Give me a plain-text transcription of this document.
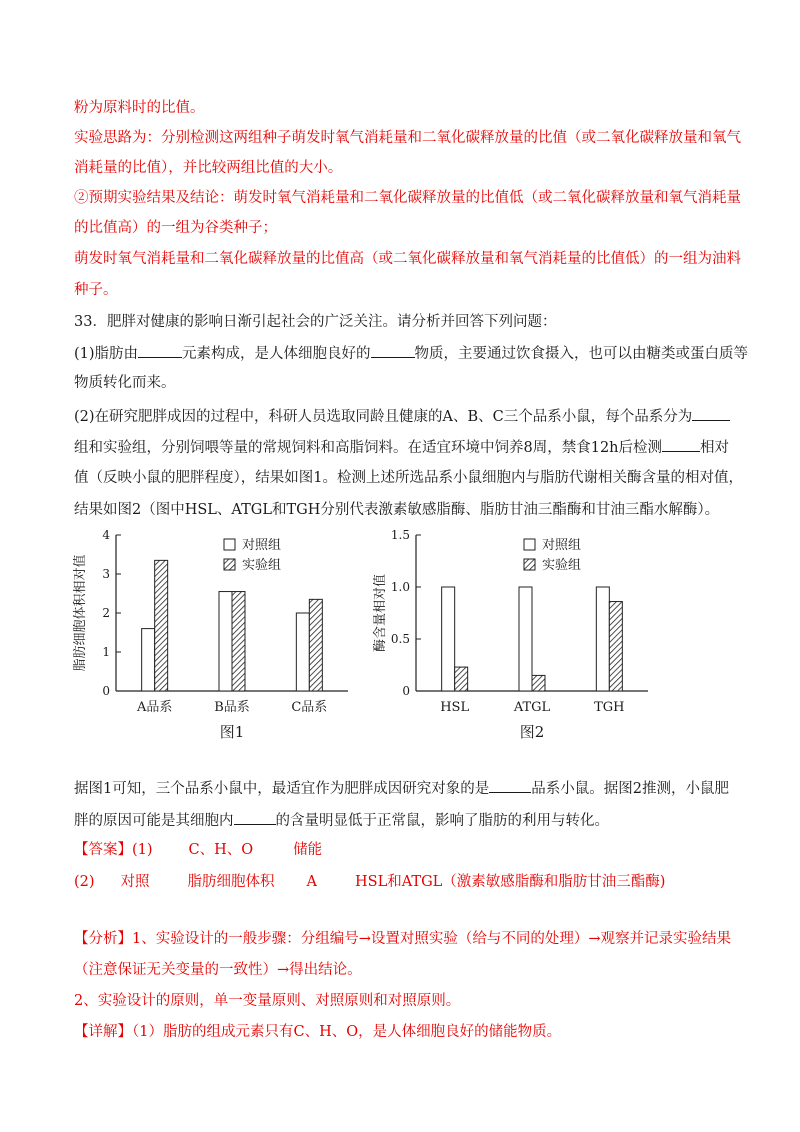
粉为原料时的比值。
实验思路为：分别检测这两组种子萌发时氧气消耗量和二氧化碳释放量的比值（或二氧化碳释放量和氧气
消耗量的比值），并比较两组比值的大小。
②预期实验结果及结论：萌发时氧气消耗量和二氧化碳释放量的比值低（或二氧化碳释放量和氧气消耗量
的比值高）的一组为谷类种子；
萌发时氧气消耗量和二氧化碳释放量的比值高（或二氧化碳释放量和氧气消耗量的比值低）的一组为油料
种子。
33．肥胖对健康的影响日渐引起社会的广泛关注。请分析并回答下列问题：
(1)脂肪由	元素构成，是人体细胞良好的	物质，主要通过饮食摄入，也可以由糖类或蛋白质等
物质转化而来。
(2)在研究肥胖成因的过程中，科研人员选取同龄且健康的A、B、C三个品系小鼠，每个品系分为
组和实验组，分别饲喂等量的常规饲料和高脂饲料。在适宜环境中饲养8周，禁食12h后检测	相对
值（反映小鼠的肥胖程度），结果如图1。检测上述所选品系小鼠细胞内与脂肪代谢相关酶含量的相对值，
结果如图2（图中HSL、ATGL和TGH分别代表激素敏感脂酶、脂肪甘油三酯酶和甘油三酯水解酶）。
脂肪细胞体积相对值
0
1
2
3
4
A品系	B品系	C品系
对照组
实验组
图1
酶含量相对值
0
0.5
1.0
1.5
HSL	ATGL	TGH
对照组
实验组
图2
据图1可知，三个品系小鼠中，最适宜作为肥胖成因研究对象的是	品系小鼠。据图2推测，小鼠肥
胖的原因可能是其细胞内	的含量明显低于正常鼠，影响了脂肪的利用与转化。
【答案】(1) C、H、O	储能
(2) 对照	脂肪细胞体积 A	HSL和ATGL（激素敏感脂酶和脂肪甘油三酯酶)
【分析】1、实验设计的一般步骤：分组编号→设置对照实验（给与不同的处理）→观察并记录实验结果
（注意保证无关变量的一致性）→得出结论。
2、实验设计的原则，单一变量原则、对照原则和对照原则。
【详解】（1）脂肪的组成元素只有C、H、O，是人体细胞良好的储能物质。
